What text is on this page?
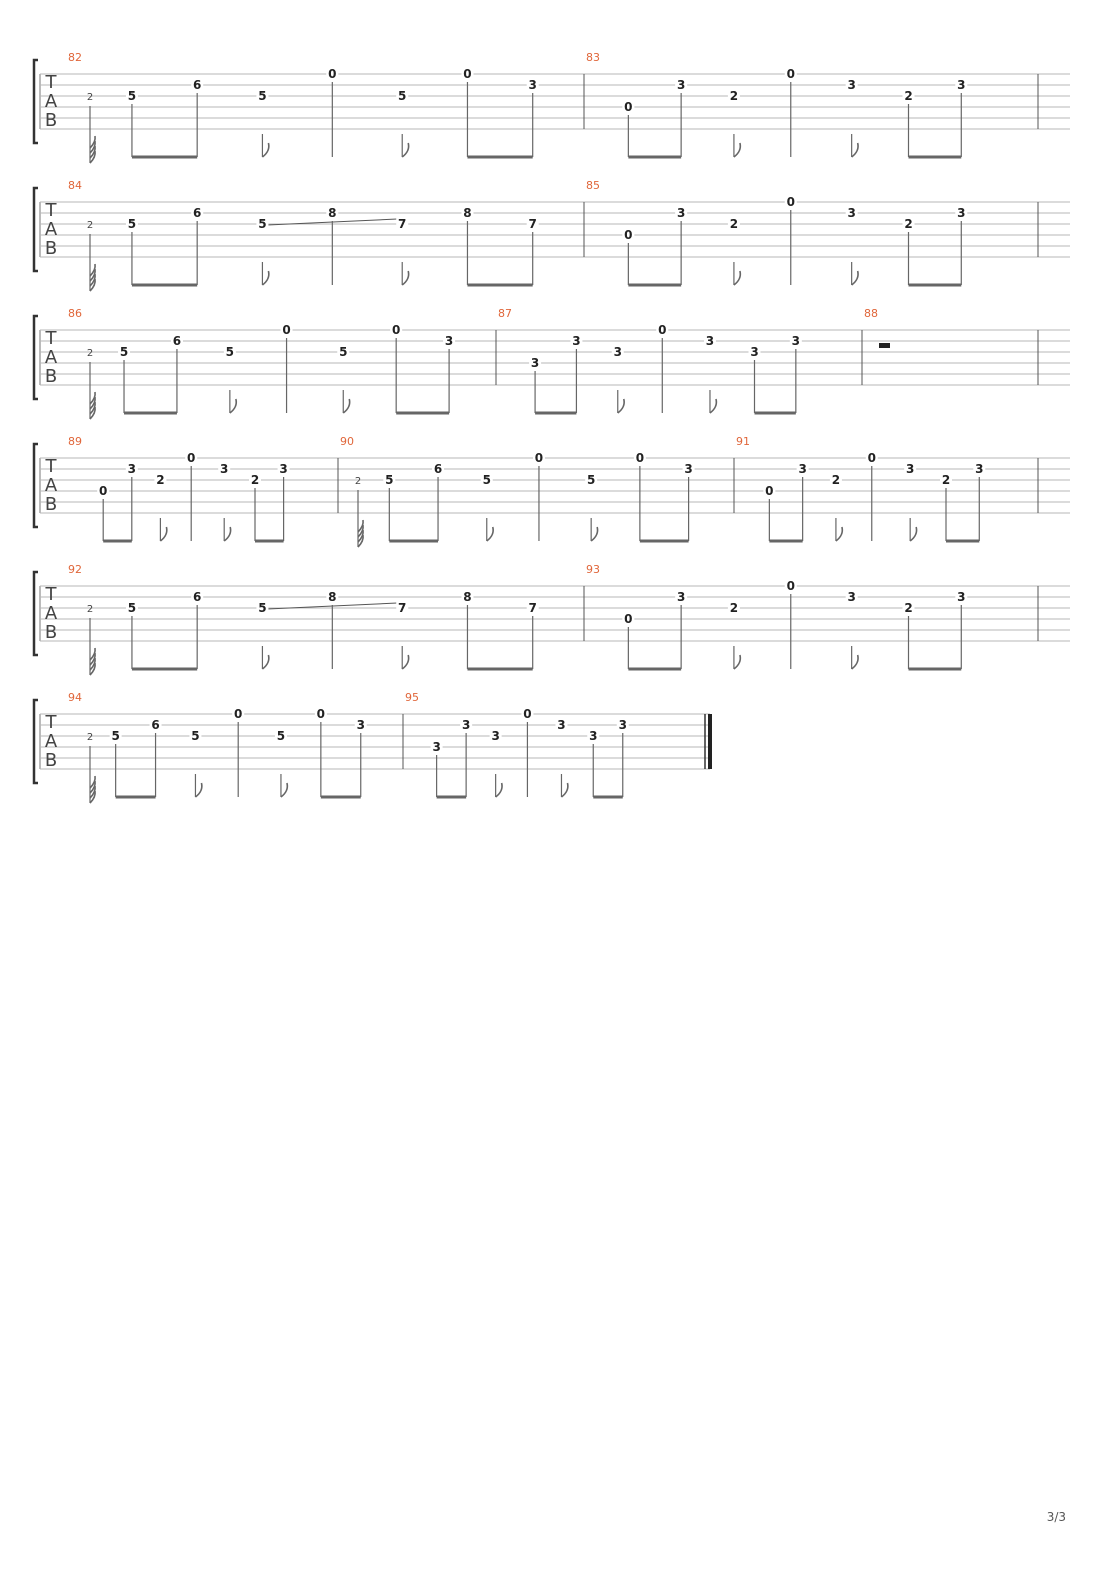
T
A
B
82
2	5
6
5
0
5
0
3
83
0
3
2
0
3
2
3
T
A
B
84
2	5
6
5
8
7
8
7
85
0
3
2
0
3
2
3
T
A
B
86
2 5
6
5
0
5
0
3
87
3
3
3
0
3
3
3
88
T
A
B
89
0
3
2
0
3
2
3
90
2 5
6
5
0
5
0
3
91
0
3
2
0
3
2
3
T
A
B
92
2	5
6
5
8
7
8
7
93
0
3
2
0
3
2
3
T
A
B
94
2 5
6
5
0
5
0
3
95
3
3
3
0
3
3
3
3/3
